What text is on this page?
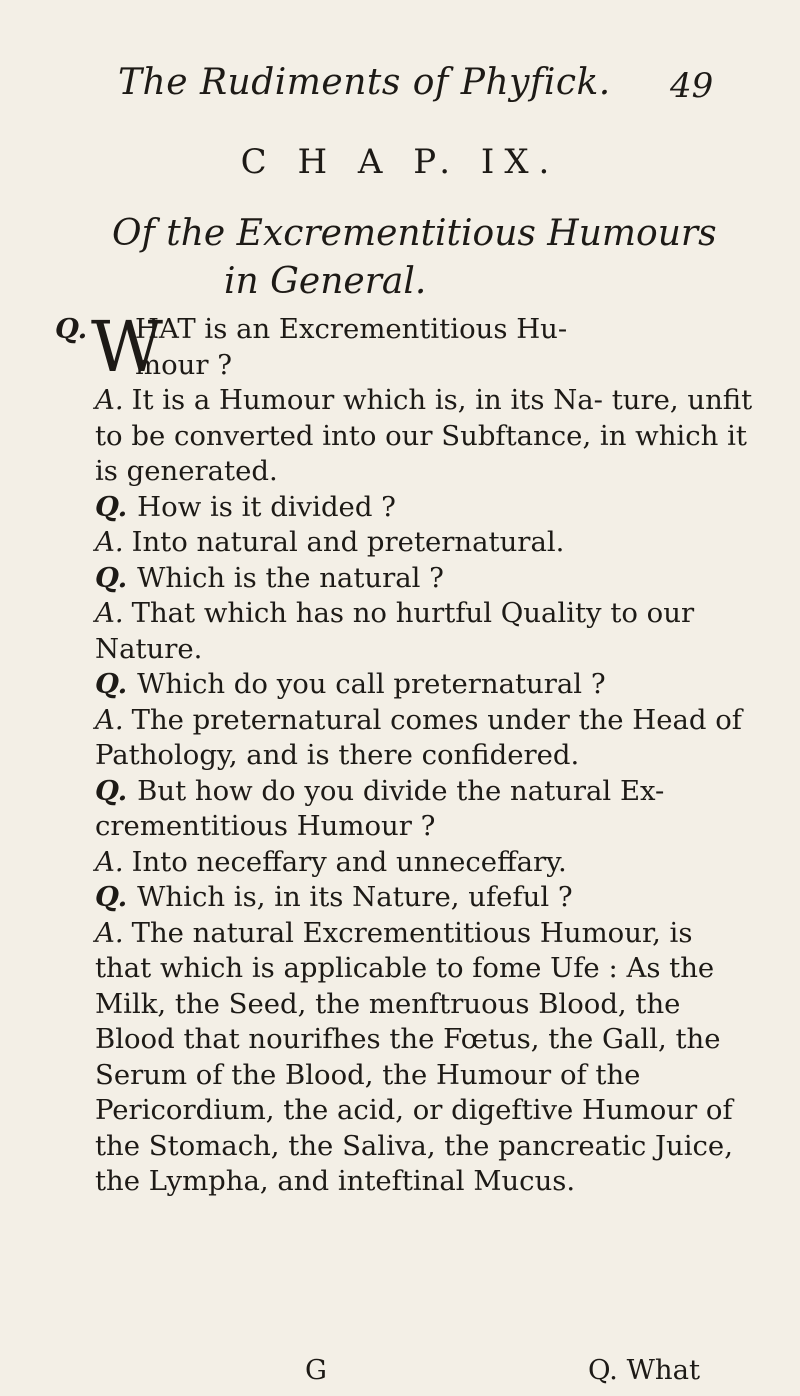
The Rudiments of Phyfick.	49
C H A P. IX.
Of the Excrementitious Humours
in General.

Q. W
HAT is an Excrementitious Hu-
mour ?

A. It is a Humour which is, in its Na- ture, unfit to be converted into our Subftance, in which it is generated.

Q. How is it divided ?

A. Into natural and preternatural.

Q. Which is the natural ?

A. That which has no hurtful Quality to our Nature.

Q. Which do you call preternatural ?

A. The preternatural comes under the Head of Pathology, and is there confidered.

Q. But how do you divide the natural Ex- crementitious Humour ?

A. Into neceffary and unneceffary.

Q. Which is, in its Nature, ufeful ?

A. The natural Excrementitious Humour, is that which is applicable to fome Ufe : As the Milk, the Seed, the menftruous Blood, the Blood that nourifhes the Fœtus, the Gall, the Serum of the Blood, the Humour of the Pericordium, the acid, or digeftive Humour of the Stomach, the Saliva, the pancreatic Juice, the Lympha, and inteftinal Mucus.

G	Q. What
